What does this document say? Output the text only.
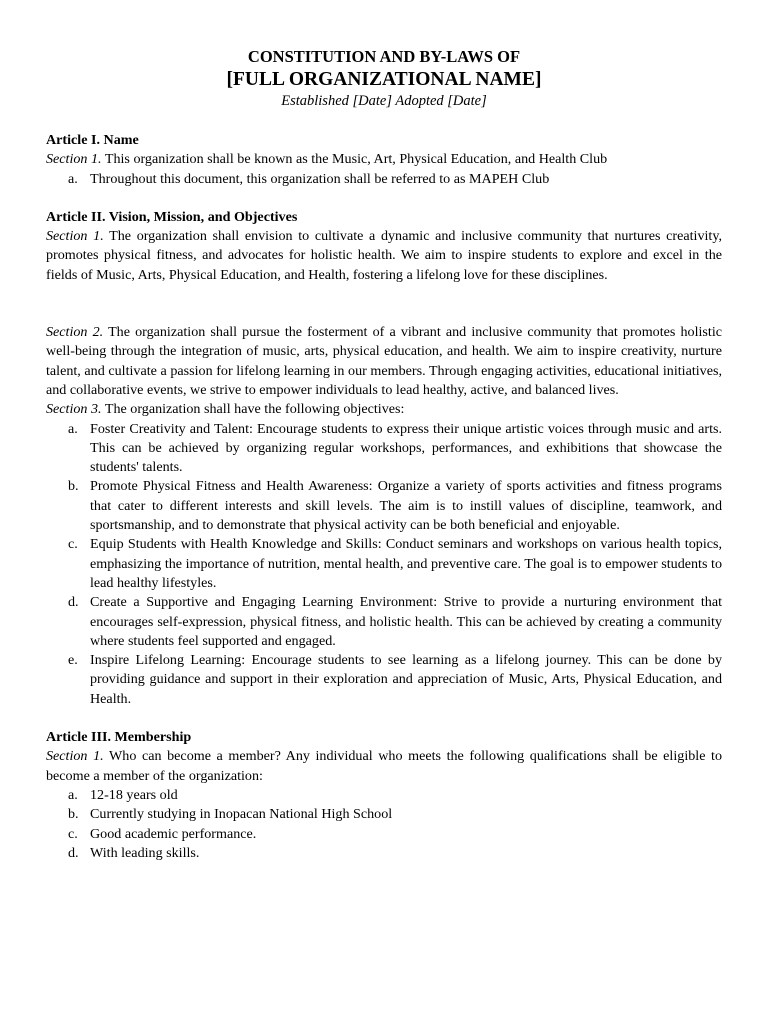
CONSTITUTION AND BY-LAWS OF
[FULL ORGANIZATIONAL NAME]
Established [Date] Adopted [Date]

Article I. Name

Section 1. This organization shall be known as the Music, Art, Physical Education, and Health Club

a. Throughout this document, this organization shall be referred to as MAPEH Club

Article II. Vision, Mission, and Objectives

Section 1. The organization shall envision to cultivate a dynamic and inclusive community that nurtures creativity, promotes physical fitness, and advocates for holistic health. We aim to inspire students to explore and excel in the fields of Music, Arts, Physical Education, and Health, fostering a lifelong love for these disciplines.

Section 2. The organization shall pursue the fosterment of a vibrant and inclusive community that promotes holistic well-being through the integration of music, arts, physical education, and health. We aim to inspire creativity, nurture talent, and cultivate a passion for lifelong learning in our members. Through engaging activities, educational initiatives, and collaborative events, we strive to empower individuals to lead healthy, active, and balanced lives.

Section 3. The organization shall have the following objectives:

a. Foster Creativity and Talent: Encourage students to express their unique artistic voices through music and arts. This can be achieved by organizing regular workshops, performances, and exhibitions that showcase the students' talents.
b. Promote Physical Fitness and Health Awareness: Organize a variety of sports activities and fitness programs that cater to different interests and skill levels. The aim is to instill values of discipline, teamwork, and sportsmanship, and to demonstrate that physical activity can be both beneficial and enjoyable.
c. Equip Students with Health Knowledge and Skills: Conduct seminars and workshops on various health topics, emphasizing the importance of nutrition, mental health, and preventive care. The goal is to empower students to lead healthy lifestyles.
d. Create a Supportive and Engaging Learning Environment: Strive to provide a nurturing environment that encourages self-expression, physical fitness, and holistic health. This can be achieved by creating a community where students feel supported and engaged.
e. Inspire Lifelong Learning: Encourage students to see learning as a lifelong journey. This can be done by providing guidance and support in their exploration and appreciation of Music, Arts, Physical Education, and Health.

Article III. Membership

Section 1. Who can become a member? Any individual who meets the following qualifications shall be eligible to become a member of the organization:

a. 12-18 years old
b. Currently studying in Inopacan National High School
c. Good academic performance.
d. With leading skills.
